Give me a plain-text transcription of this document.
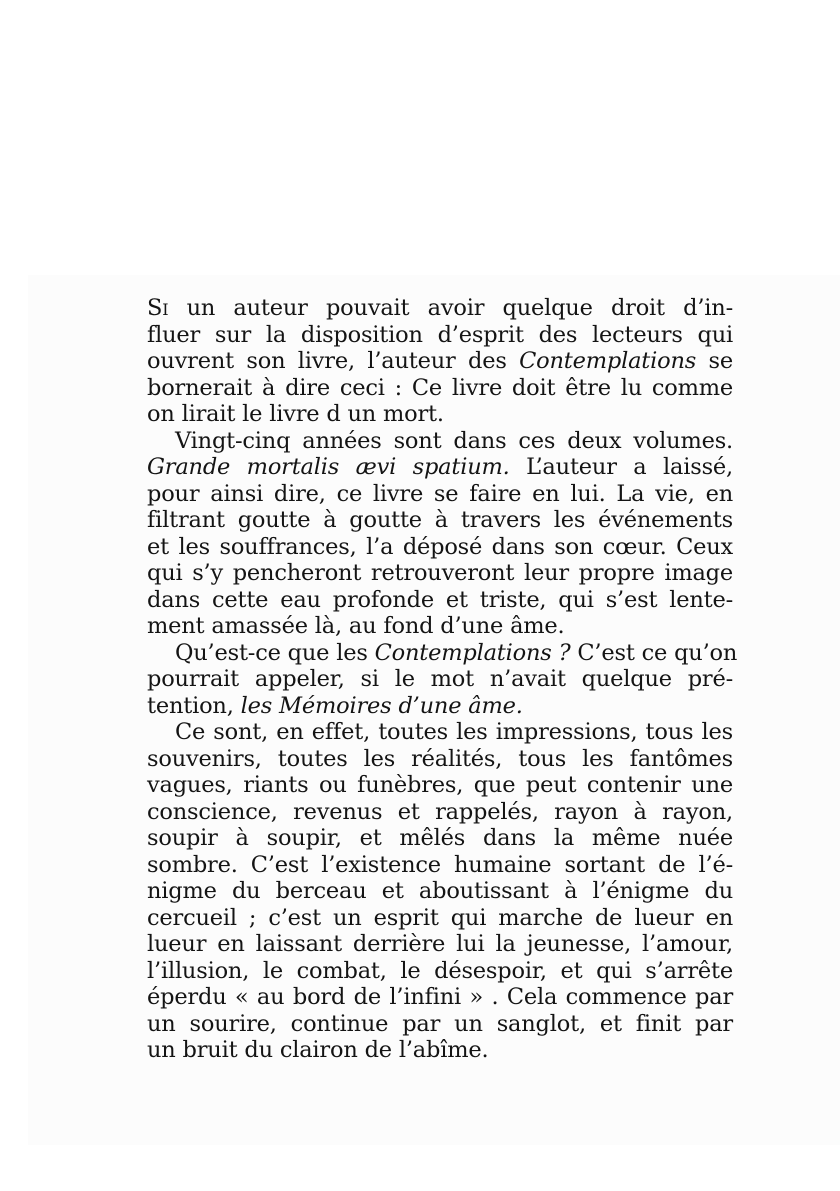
Si un auteur pouvait avoir quelque droit d’in-
fluer sur la disposition d’esprit des lecteurs qui
ouvrent son livre, l’auteur des Contemplations se
bornerait à dire ceci : Ce livre doit être lu comme
on lirait le livre d un mort.
Vingt-cinq années sont dans ces deux volumes.
Grande mortalis ævi spatium. L’auteur a laissé,
pour ainsi dire, ce livre se faire en lui. La vie, en
filtrant goutte à goutte à travers les événements
et les souffrances, l’a déposé dans son cœur. Ceux
qui s’y pencheront retrouveront leur propre image
dans cette eau profonde et triste, qui s’est lente-
ment amassée là, au fond d’une âme.
Qu’est-ce que les Contemplations ? C’est ce qu’on
pourrait appeler, si le mot n’avait quelque pré-
tention, les Mémoires d’une âme.
Ce sont, en effet, toutes les impressions, tous les
souvenirs, toutes les réalités, tous les fantômes
vagues, riants ou funèbres, que peut contenir une
conscience, revenus et rappelés, rayon à rayon,
soupir à soupir, et mêlés dans la même nuée
sombre. C’est l’existence humaine sortant de l’é-
nigme du berceau et aboutissant à l’énigme du
cercueil ; c’est un esprit qui marche de lueur en
lueur en laissant derrière lui la jeunesse, l’amour,
l’illusion, le combat, le désespoir, et qui s’arrête
éperdu « au bord de l’infini » . Cela commence par
un sourire, continue par un sanglot, et finit par
un bruit du clairon de l’abîme.
